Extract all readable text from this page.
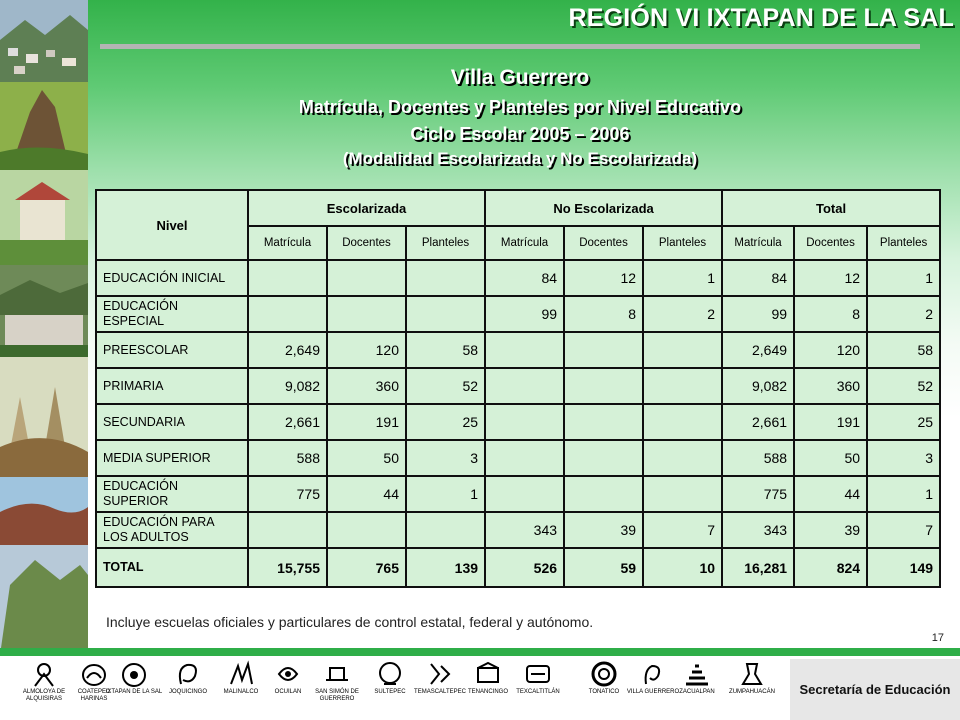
REGIÓN VI IXTAPAN DE LA SAL
Villa Guerrero
Matrícula, Docentes y Planteles por Nivel Educativo
Ciclo Escolar 2005 – 2006
(Modalidad Escolarizada y No Escolarizada)
Nivel	Escolarizada			No Escolarizada			Total		
	Matrícula	Docentes	Planteles	Matrícula	Docentes	Planteles	Matrícula	Docentes	Planteles
EDUCACIÓN INICIAL				84	12	1	84	12	1
EDUCACIÓN ESPECIAL				99	8	2	99	8	2
PREESCOLAR	2,649	120	58				2,649	120	58
PRIMARIA	9,082	360	52				9,082	360	52
SECUNDARIA	2,661	191	25				2,661	191	25
MEDIA SUPERIOR	588	50	3				588	50	3
EDUCACIÓN SUPERIOR	775	44	1				775	44	1
EDUCACIÓN PARA LOS ADULTOS				343	39	7	343	39	7
TOTAL	15,755	765	139	526	59	10	16,281	824	149
Incluye escuelas oficiales y particulares de control estatal, federal y autónomo.
17
ALMOLOYA DE ALQUISIRAS
COATEPEC HARINAS
IXTAPAN DE LA SAL	JOQUICINGO	MALINALCO	OCUILAN	SAN SIMÓN DE GUERRERO
SULTEPEC	TEMASCALTEPEC TENANCINGO	TEXCALTITLÁN	TONATICO	VILLA GUERRERO ZACUALPAN	ZUMPAHUACÁN	Secretaría de Educación
